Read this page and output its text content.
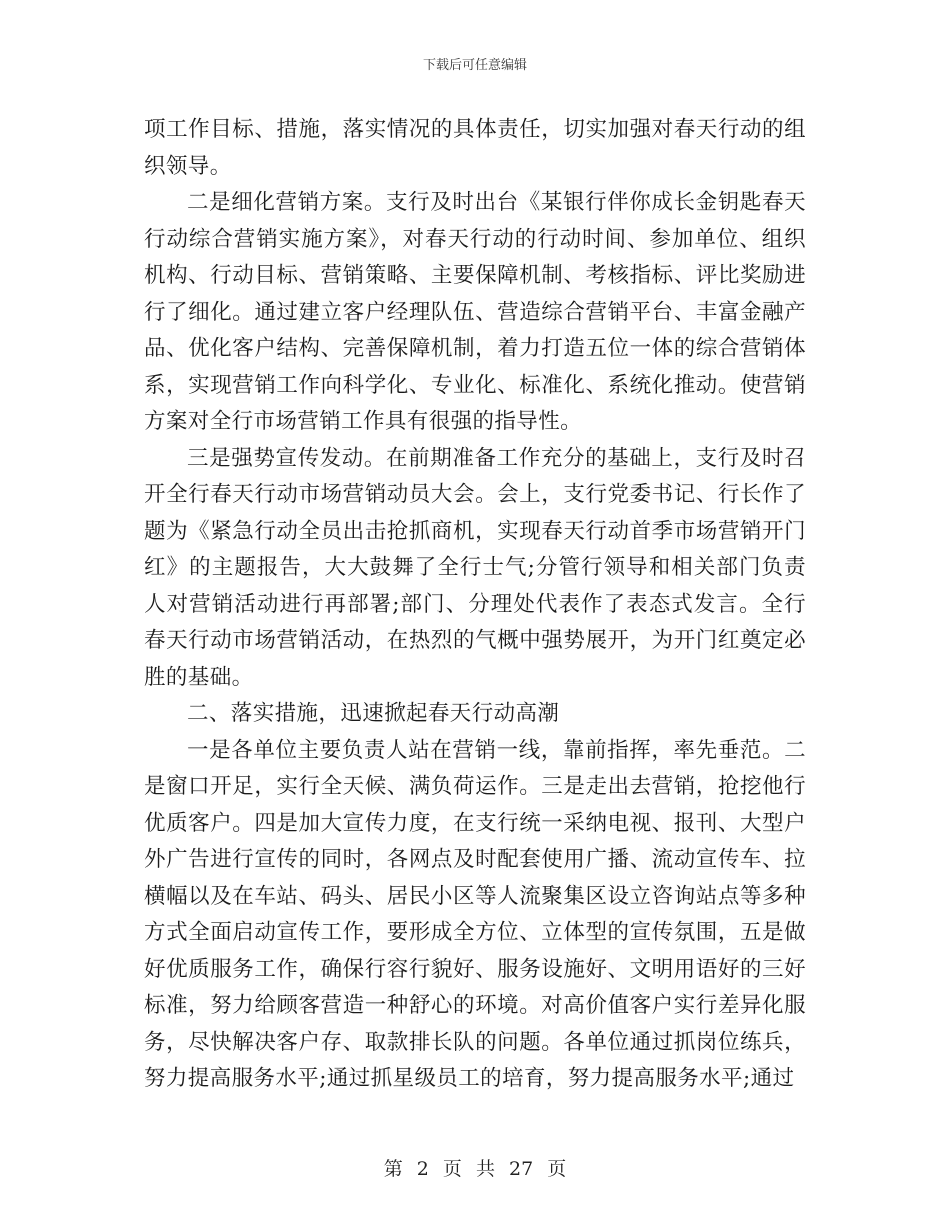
下载后可任意编辑

项工作目标、措施，落实情况的具体责任，切实加强对春天行动的组织领导。

二是细化营销方案。支行及时出台《某银行伴你成长金钥匙春天行动综合营销实施方案》，对春天行动的行动时间、参加单位、组织机构、行动目标、营销策略、主要保障机制、考核指标、评比奖励进行了细化。通过建立客户经理队伍、营造综合营销平台、丰富金融产品、优化客户结构、完善保障机制，着力打造五位一体的综合营销体系，实现营销工作向科学化、专业化、标准化、系统化推动。使营销方案对全行市场营销工作具有很强的指导性。

三是强势宣传发动。在前期准备工作充分的基础上，支行及时召开全行春天行动市场营销动员大会。会上，支行党委书记、行长作了题为《紧急行动全员出击抢抓商机，实现春天行动首季市场营销开门红》的主题报告，大大鼓舞了全行士气;分管行领导和相关部门负责人对营销活动进行再部署;部门、分理处代表作了表态式发言。全行春天行动市场营销活动，在热烈的气概中强势展开，为开门红奠定必胜的基础。

二、落实措施，迅速掀起春天行动高潮

一是各单位主要负责人站在营销一线，靠前指挥，率先垂范。二是窗口开足，实行全天候、满负荷运作。三是走出去营销，抢挖他行优质客户。四是加大宣传力度，在支行统一采纳电视、报刊、大型户外广告进行宣传的同时，各网点及时配套使用广播、流动宣传车、拉横幅以及在车站、码头、居民小区等人流聚集区设立咨询站点等多种方式全面启动宣传工作，要形成全方位、立体型的宣传氛围，五是做好优质服务工作，确保行容行貌好、服务设施好、文明用语好的三好标准，努力给顾客营造一种舒心的环境。对高价值客户实行差异化服务，尽快解决客户存、取款排长队的问题。各单位通过抓岗位练兵，努力提高服务水平;通过抓星级员工的培育，努力提高服务水平;通过

第 2 页 共 27 页
